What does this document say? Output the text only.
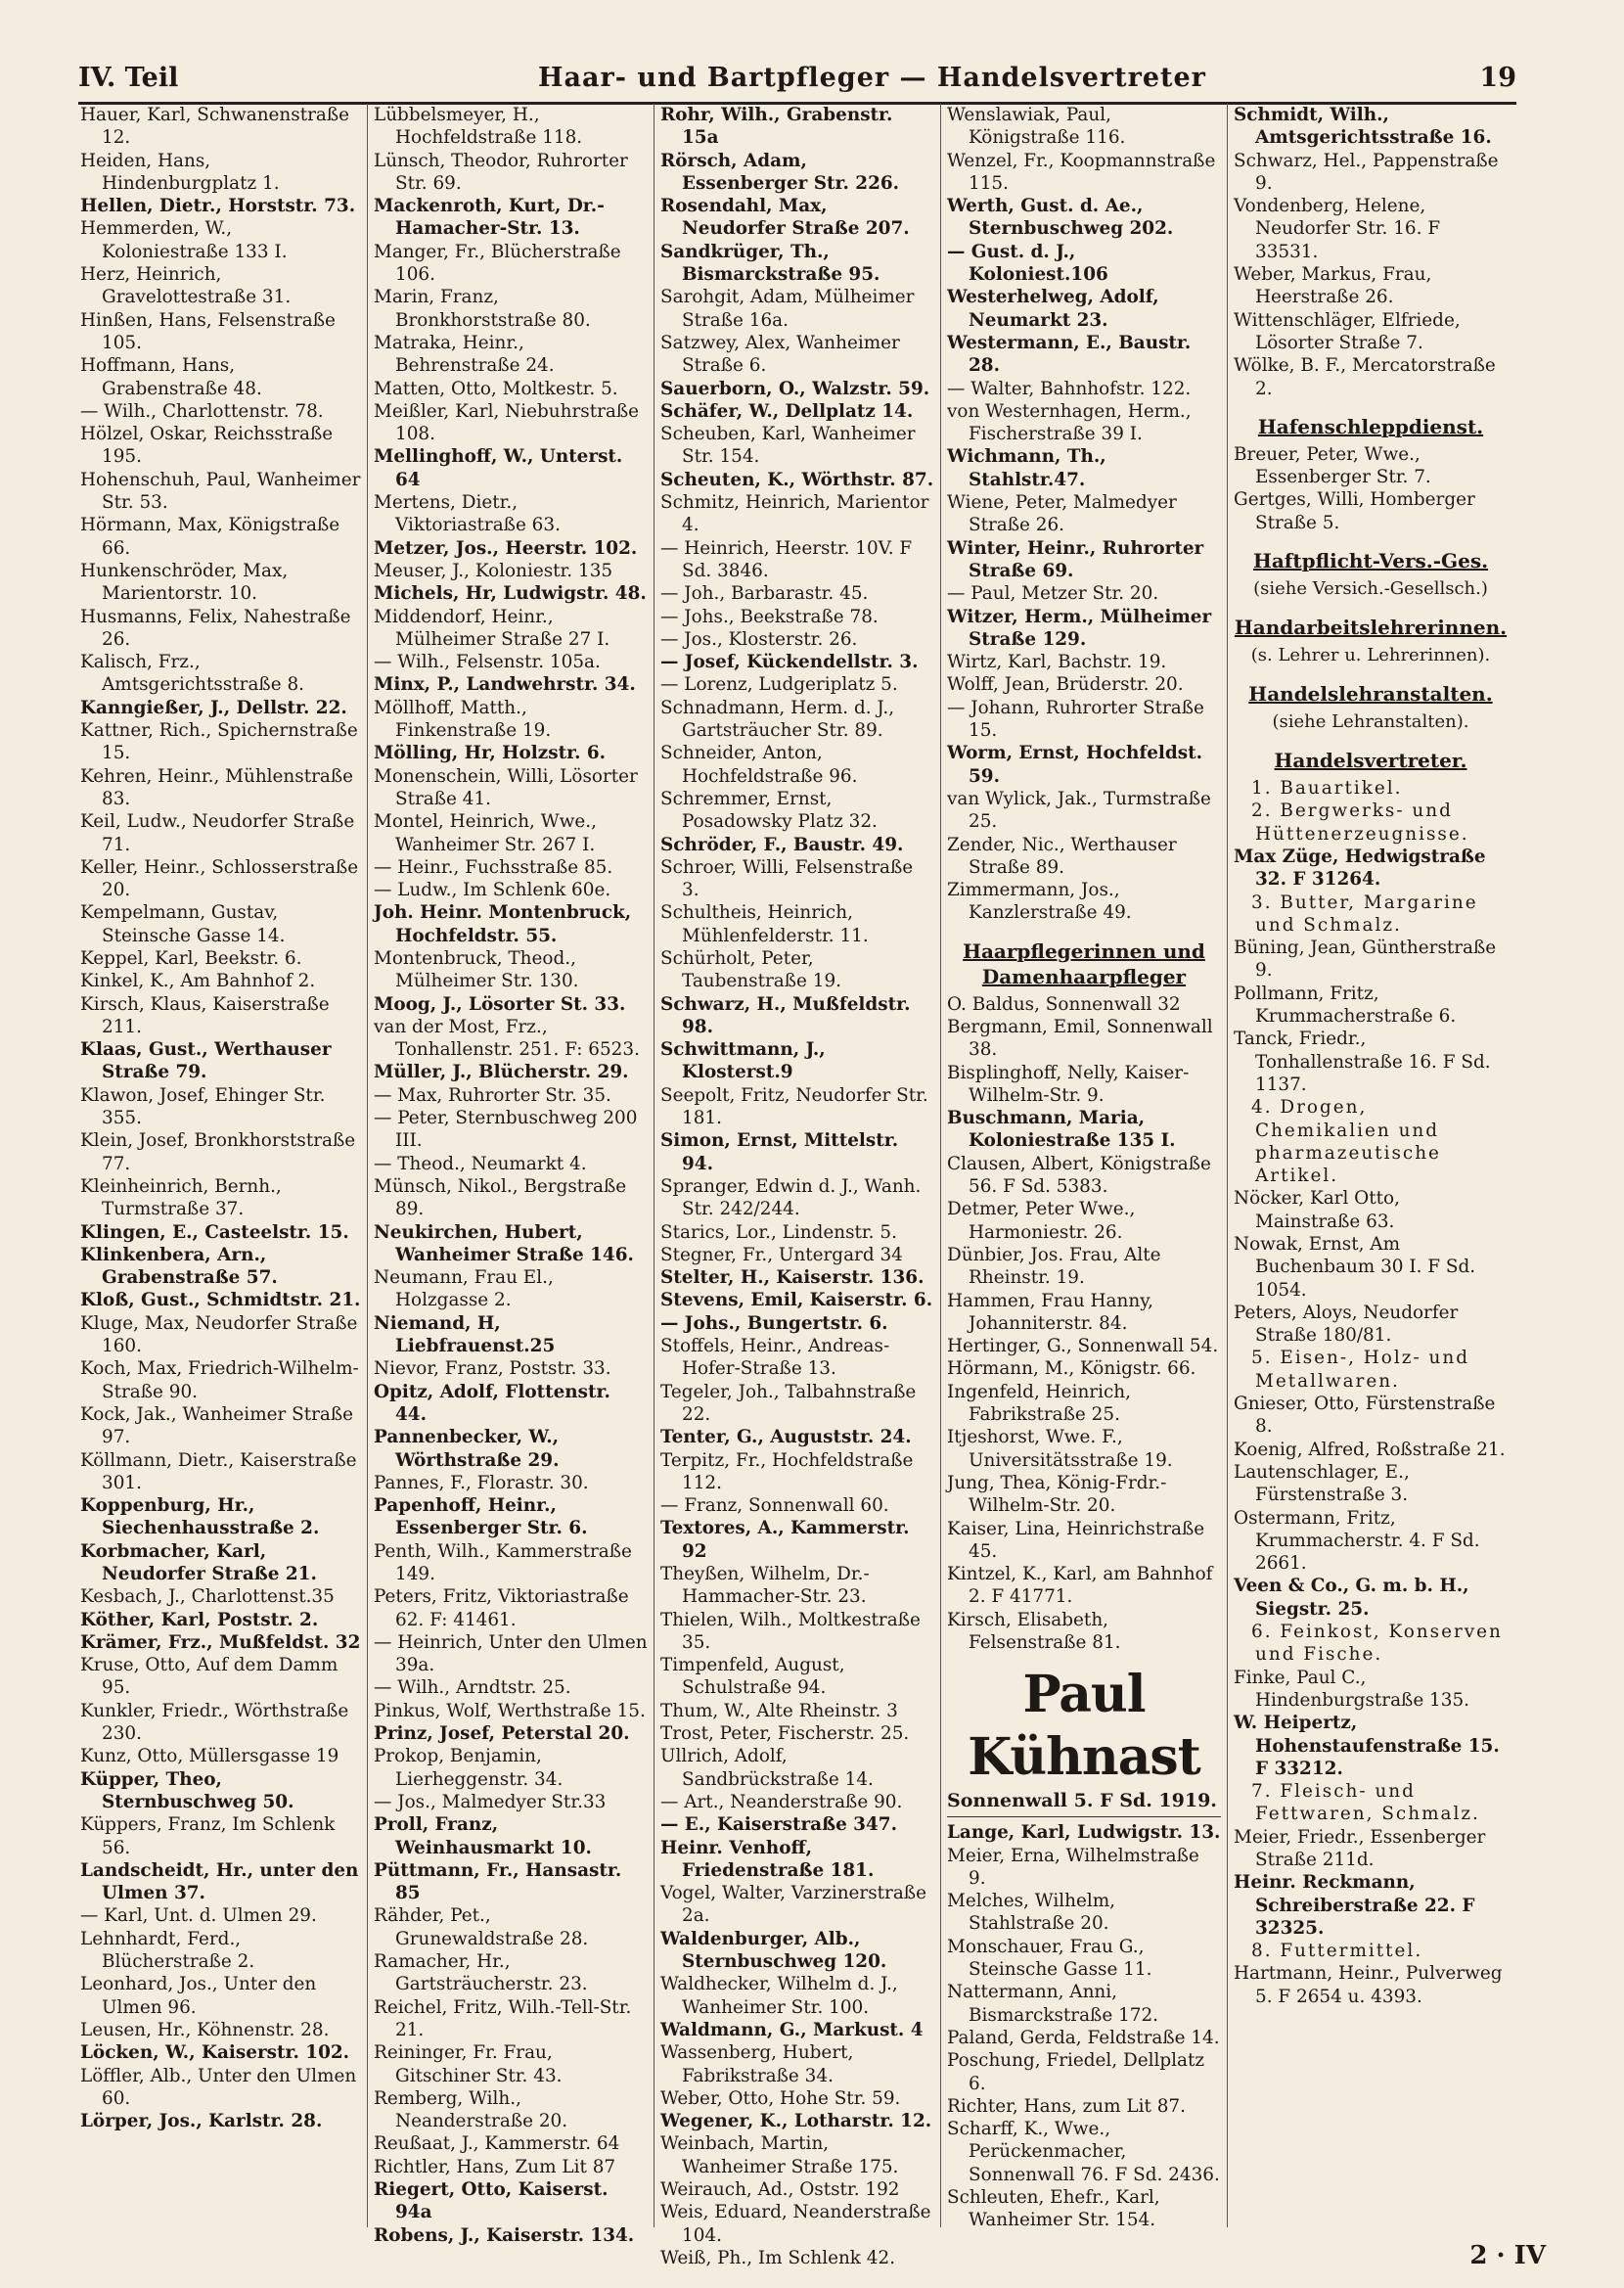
IV. Teil	Haar- und Bartpfleger — Handelsvertreter	19
Hauer, Karl, Schwanenstraße 12.
Heiden, Hans, Hindenburgplatz 1.
Hellen, Dietr., Horststr. 73.
Hemmerden, W., Koloniestraße 133 I.
Herz, Heinrich, Gravelottestraße 31.
Hinßen, Hans, Felsenstraße 105.
Hoffmann, Hans, Grabenstraße 48.
— Wilh., Charlottenstr. 78.
Hölzel, Oskar, Reichsstraße 195.
Hohenschuh, Paul, Wanheimer Str. 53.
Hörmann, Max, Königstraße 66.
Hunkenschröder, Max, Marientorstr. 10.
Husmanns, Felix, Nahestraße 26.
Kalisch, Frz., Amtsgerichtsstraße 8.
Kanngießer, J., Dellstr. 22.
Kattner, Rich., Spichernstraße 15.
Kehren, Heinr., Mühlenstraße 83.
Keil, Ludw., Neudorfer Straße 71.
Keller, Heinr., Schlosserstraße 20.
Kempelmann, Gustav, Steinsche Gasse 14.
Keppel, Karl, Beekstr. 6.
Kinkel, K., Am Bahnhof 2.
Kirsch, Klaus, Kaiserstraße 211.
Klaas, Gust., Werthauser Straße 79.
Klawon, Josef, Ehinger Str. 355.
Klein, Josef, Bronkhorststraße 77.
Kleinheinrich, Bernh., Turmstraße 37.
Klingen, E., Casteelstr. 15.
Klinkenbera, Arn., Grabenstraße 57.
Kloß, Gust., Schmidtstr. 21.
Kluge, Max, Neudorfer Straße 160.
Koch, Max, Friedrich-Wilhelm-Straße 90.
Kock, Jak., Wanheimer Straße 97.
Köllmann, Dietr., Kaiserstraße 301.
Koppenburg, Hr., Siechenhausstraße 2.
Korbmacher, Karl, Neudorfer Straße 21.
Kesbach, J., Charlottenst.35
Köther, Karl, Poststr. 2.
Krämer, Frz., Mußfeldst. 32
Kruse, Otto, Auf dem Damm 95.
Kunkler, Friedr., Wörthstraße 230.
Kunz, Otto, Müllersgasse 19
Küpper, Theo, Sternbuschweg 50.
Küppers, Franz, Im Schlenk 56.
Landscheidt, Hr., unter den Ulmen 37.
— Karl, Unt. d. Ulmen 29.
Lehnhardt, Ferd., Blücherstraße 2.
Leonhard, Jos., Unter den Ulmen 96.
Leusen, Hr., Köhnenstr. 28.
Löcken, W., Kaiserstr. 102.
Löffler, Alb., Unter den Ulmen 60.
Lörper, Jos., Karlstr. 28.
Lübbelsmeyer, H., Hochfeldstraße 118.
Lünsch, Theodor, Ruhrorter Str. 69.
Mackenroth, Kurt, Dr.-Hamacher-Str. 13.
Manger, Fr., Blücherstraße 106.
Marin, Franz, Bronkhorststraße 80.
Matraka, Heinr., Behrenstraße 24.
Matten, Otto, Moltkestr. 5.
Meißler, Karl, Niebuhrstraße 108.
Mellinghoff, W., Unterst. 64
Mertens, Dietr., Viktoriastraße 63.
Metzer, Jos., Heerstr. 102.
Meuser, J., Koloniestr. 135
Michels, Hr, Ludwigstr. 48.
Middendorf, Heinr., Mülheimer Straße 27 I.
— Wilh., Felsenstr. 105a.
Minx, P., Landwehrstr. 34.
Möllhoff, Matth., Finkenstraße 19.
Mölling, Hr, Holzstr. 6.
Monenschein, Willi, Lösorter Straße 41.
Montel, Heinrich, Wwe., Wanheimer Str. 267 I.
— Heinr., Fuchsstraße 85.
— Ludw., Im Schlenk 60e.
Joh. Heinr. Montenbruck, Hochfeldstr. 55.
Montenbruck, Theod., Mülheimer Str. 130.
Moog, J., Lösorter St. 33.
van der Most, Frz., Tonhallenstr. 251. F: 6523.
Müller, J., Blücherstr. 29.
— Max, Ruhrorter Str. 35.
— Peter, Sternbuschweg 200 III.
— Theod., Neumarkt 4.
Münsch, Nikol., Bergstraße 89.
Neukirchen, Hubert, Wanheimer Straße 146.
Neumann, Frau El., Holzgasse 2.
Niemand, H, Liebfrauenst.25
Nievor, Franz, Poststr. 33.
Opitz, Adolf, Flottenstr. 44.
Pannenbecker, W., Wörthstraße 29.
Pannes, F., Florastr. 30.
Papenhoff, Heinr., Essenberger Str. 6.
Penth, Wilh., Kammerstraße 149.
Peters, Fritz, Viktoriastraße 62. F: 41461.
— Heinrich, Unter den Ulmen 39a.
— Wilh., Arndtstr. 25.
Pinkus, Wolf, Werthstraße 15.
Prinz, Josef, Peterstal 20.
Prokop, Benjamin, Lierheggenstr. 34.
— Jos., Malmedyer Str.33
Proll, Franz, Weinhausmarkt 10.
Püttmann, Fr., Hansastr. 85
Rähder, Pet., Grunewaldstraße 28.
Ramacher, Hr., Gartsträucherstr. 23.
Reichel, Fritz, Wilh.-Tell-Str. 21.
Reininger, Fr. Frau, Gitschiner Str. 43.
Remberg, Wilh., Neanderstraße 20.
Reußaat, J., Kammerstr. 64
Richtler, Hans, Zum Lit 87
Riegert, Otto, Kaiserst. 94a
Robens, J., Kaiserstr. 134.
Rohr, Wilh., Grabenstr. 15a
Rörsch, Adam, Essenberger Str. 226.
Rosendahl, Max, Neudorfer Straße 207.
Sandkrüger, Th., Bismarckstraße 95.
Sarohgit, Adam, Mülheimer Straße 16a.
Satzwey, Alex, Wanheimer Straße 6.
Sauerborn, O., Walzstr. 59.
Schäfer, W., Dellplatz 14.
Scheuben, Karl, Wanheimer Str. 154.
Scheuten, K., Wörthstr. 87.
Schmitz, Heinrich, Marientor 4.
— Heinrich, Heerstr. 10V. F Sd. 3846.
— Joh., Barbarastr. 45.
— Johs., Beekstraße 78.
— Jos., Klosterstr. 26.
— Josef, Kückendellstr. 3.
— Lorenz, Ludgeriplatz 5.
Schnadmann, Herm. d. J., Gartsträucher Str. 89.
Schneider, Anton, Hochfeldstraße 96.
Schremmer, Ernst, Posadowsky Platz 32.
Schröder, F., Baustr. 49.
Schroer, Willi, Felsenstraße 3.
Schultheis, Heinrich, Mühlenfelderstr. 11.
Schürholt, Peter, Taubenstraße 19.
Schwarz, H., Mußfeldstr. 98.
Schwittmann, J., Klosterst.9
Seepolt, Fritz, Neudorfer Str. 181.
Simon, Ernst, Mittelstr. 94.
Spranger, Edwin d. J., Wanh. Str. 242/244.
Starics, Lor., Lindenstr. 5.
Stegner, Fr., Untergard 34
Stelter, H., Kaiserstr. 136.
Stevens, Emil, Kaiserstr. 6.
— Johs., Bungertstr. 6.
Stoffels, Heinr., Andreas-Hofer-Straße 13.
Tegeler, Joh., Talbahnstraße 22.
Tenter, G., Auguststr. 24.
Terpitz, Fr., Hochfeldstraße 112.
— Franz, Sonnenwall 60.
Textores, A., Kammerstr. 92
Theyßen, Wilhelm, Dr.-Hammacher-Str. 23.
Thielen, Wilh., Moltkestraße 35.
Timpenfeld, August, Schulstraße 94.
Thum, W., Alte Rheinstr. 3
Trost, Peter, Fischerstr. 25.
Ullrich, Adolf, Sandbrückstraße 14.
— Art., Neanderstraße 90.
— E., Kaiserstraße 347.
Heinr. Venhoff, Friedenstraße 181.
Vogel, Walter, Varzinerstraße 2a.
Waldenburger, Alb., Sternbuschweg 120.
Waldhecker, Wilhelm d. J., Wanheimer Str. 100.
Waldmann, G., Markust. 4
Wassenberg, Hubert, Fabrikstraße 34.
Weber, Otto, Hohe Str. 59.
Wegener, K., Lotharstr. 12.
Weinbach, Martin, Wanheimer Straße 175.
Weirauch, Ad., Oststr. 192
Weis, Eduard, Neanderstraße 104.
Weiß, Ph., Im Schlenk 42.
Wenslawiak, Paul, Königstraße 116.
Wenzel, Fr., Koopmannstraße 115.
Werth, Gust. d. Ae., Sternbuschweg 202.
— Gust. d. J., Koloniest.106
Westerhelweg, Adolf, Neumarkt 23.
Westermann, E., Baustr. 28.
— Walter, Bahnhofstr. 122.
von Westernhagen, Herm., Fischerstraße 39 I.
Wichmann, Th., Stahlstr.47.
Wiene, Peter, Malmedyer Straße 26.
Winter, Heinr., Ruhrorter Straße 69.
— Paul, Metzer Str. 20.
Witzer, Herm., Mülheimer Straße 129.
Wirtz, Karl, Bachstr. 19.
Wolff, Jean, Brüderstr. 20.
— Johann, Ruhrorter Straße 15.
Worm, Ernst, Hochfeldst. 59.
van Wylick, Jak., Turmstraße 25.
Zender, Nic., Werthauser Straße 89.
Zimmermann, Jos., Kanzlerstraße 49.
Haarpflegerinnen und Damenhaarpfleger
O. Baldus, Sonnenwall 32
Bergmann, Emil, Sonnenwall 38.
Bisplinghoff, Nelly, Kaiser-Wilhelm-Str. 9.
Buschmann, Maria, Koloniestraße 135 I.
Clausen, Albert, Königstraße 56. F Sd. 5383.
Detmer, Peter Wwe., Harmoniestr. 26.
Dünbier, Jos. Frau, Alte Rheinstr. 19.
Hammen, Frau Hanny, Johanniterstr. 84.
Hertinger, G., Sonnenwall 54.
Hörmann, M., Königstr. 66.
Ingenfeld, Heinrich, Fabrikstraße 25.
Itjeshorst, Wwe. F., Universitätsstraße 19.
Jung, Thea, König-Frdr.-Wilhelm-Str. 20.
Kaiser, Lina, Heinrichstraße 45.
Kintzel, K., Karl, am Bahnhof 2. F 41771.
Kirsch, Elisabeth, Felsenstraße 81.
Paul Kühnast
Sonnenwall 5. F Sd. 1919.
Lange, Karl, Ludwigstr. 13.
Meier, Erna, Wilhelmstraße 9.
Melches, Wilhelm, Stahlstraße 20.
Monschauer, Frau G., Steinsche Gasse 11.
Nattermann, Anni, Bismarckstraße 172.
Paland, Gerda, Feldstraße 14.
Poschung, Friedel, Dellplatz 6.
Richter, Hans, zum Lit 87.
Scharff, K., Wwe., Perückenmacher, Sonnenwall 76. F Sd. 2436.
Schleuten, Ehefr., Karl, Wanheimer Str. 154.
Schmidt, Wilh., Amtsgerichtsstraße 16.
Schwarz, Hel., Pappenstraße 9.
Vondenberg, Helene, Neudorfer Str. 16. F 33531.
Weber, Markus, Frau, Heerstraße 26.
Wittenschläger, Elfriede, Lösorter Straße 7.
Wölke, B. F., Mercatorstraße 2.
Hafenschleppdienst.
Breuer, Peter, Wwe., Essenberger Str. 7.
Gertges, Willi, Homberger Straße 5.
Haftpflicht-Vers.-Ges.
(siehe Versich.-Gesellsch.)
Handarbeitslehrerinnen.
(s. Lehrer u. Lehrerinnen).
Handelslehranstalten.
(siehe Lehranstalten).
Handelsvertreter.
1. Bauartikel.
2. Bergwerks- und Hüttenerzeugnisse.
Max Züge, Hedwigstraße 32. F 31264.
3. Butter, Margarine und Schmalz.
Büning, Jean, Güntherstraße 9.
Pollmann, Fritz, Krummacherstraße 6.
Tanck, Friedr., Tonhallenstraße 16. F Sd. 1137.
4. Drogen, Chemikalien und pharmazeutische Artikel.
Nöcker, Karl Otto, Mainstraße 63.
Nowak, Ernst, Am Buchenbaum 30 I. F Sd. 1054.
Peters, Aloys, Neudorfer Straße 180/81.
5. Eisen-, Holz- und Metallwaren.
Gnieser, Otto, Fürstenstraße 8.
Koenig, Alfred, Roßstraße 21.
Lautenschlager, E., Fürstenstraße 3.
Ostermann, Fritz, Krummacherstr. 4. F Sd. 2661.
Veen & Co., G. m. b. H., Siegstr. 25.
6. Feinkost, Konserven und Fische.
Finke, Paul C., Hindenburgstraße 135.
W. Heipertz, Hohenstaufenstraße 15. F 33212.
7. Fleisch- und Fettwaren, Schmalz.
Meier, Friedr., Essenberger Straße 211d.
Heinr. Reckmann, Schreiberstraße 22. F 32325.
8. Futtermittel.
Hartmann, Heinr., Pulverweg 5. F 2654 u. 4393.
2 · IV
